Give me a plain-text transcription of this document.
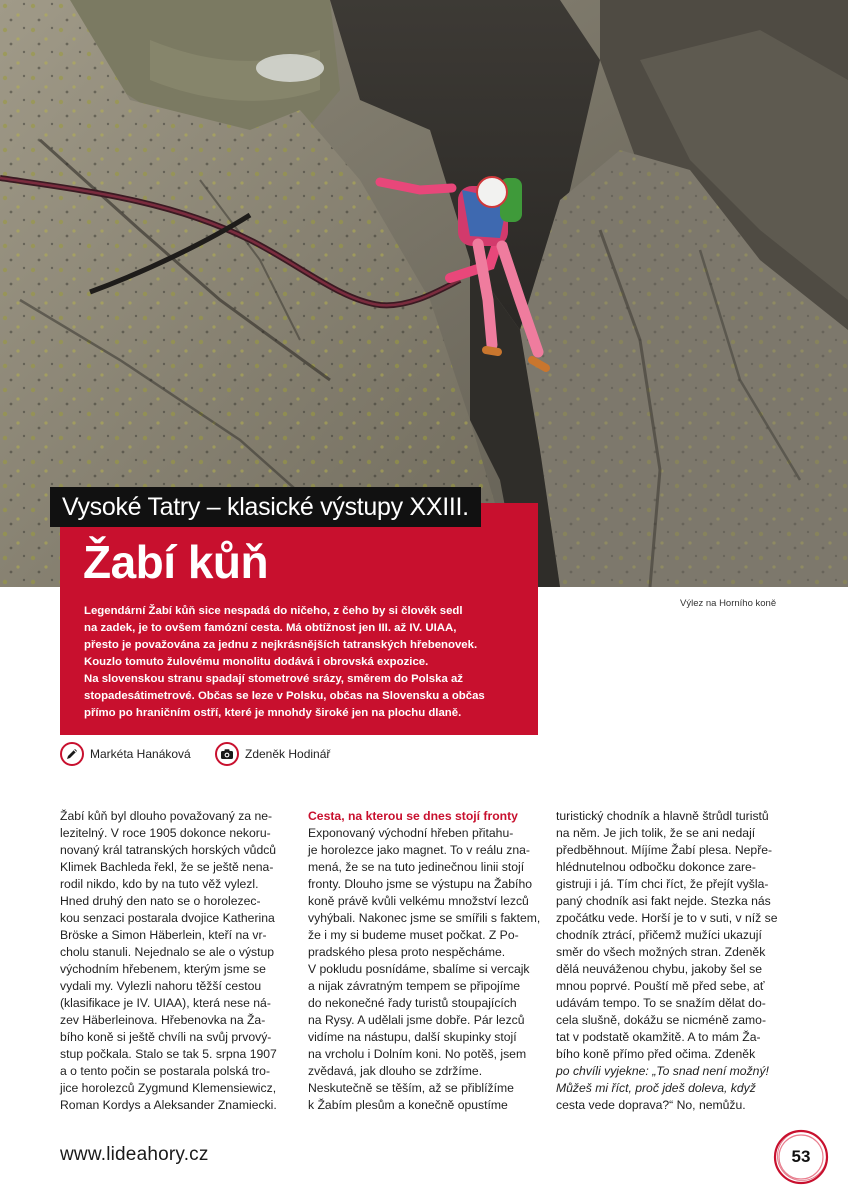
Vysoké Tatry – klasické výstupy XXIII.
Žabí kůň

Legendární Žabí kůň sice nespadá do ničeho, z čeho by si člověk sedl

na zadek, je to ovšem famózní cesta. Má obtížnost jen III. až IV. UIAA,

přesto je považována za jednu z nejkrásnějších tatranských hřebenovek.

Kouzlo tomuto žulovému monolitu dodává i obrovská expozice.

Na slovenskou stranu spadají stometrové srázy, směrem do Polska až

stopadesátimetrové. Občas se leze v Polsku, občas na Slovensku a občas

přímo po hraničním ostří, které je mnohdy široké jen na plochu dlaně.

Výlez na Horního koně
Markéta Hanáková	Zdeněk Hodinář

Žabí kůň byl dlouho považovaný za ne-

lezitelný. V roce 1905 dokonce nekoru-

novaný král tatranských horských vůdců

Klimek Bachleda řekl, že se ještě nena-

rodil nikdo, kdo by na tuto věž vylezl.

Hned druhý den nato se o horolezec-

kou senzaci postarala dvojice Katherina

Bröske a Simon Häberlein, kteří na vr-

cholu stanuli. Nejednalo se ale o výstup

východním hřebenem, kterým jsme se

vydali my. Vylezli nahoru těžší cestou

(klasifikace je IV. UIAA), která nese ná-

zev Häberleinova. Hřebenovka na Ža-

bího koně si ještě chvíli na svůj prvový-

stup počkala. Stalo se tak 5. srpna 1907

a o tento počin se postarala polská tro-

jice horolezců Zygmund Klemensiewicz,

Roman Kordys a Aleksander Znamiecki.

Cesta, na kterou se dnes stojí fronty

Exponovaný východní hřeben přitahu-

je horolezce jako magnet. To v reálu zna-

mená, že se na tuto jedinečnou linii stojí

fronty. Dlouho jsme se výstupu na Žabího

koně právě kvůli velkému množství lezců

vyhýbali. Nakonec jsme se smířili s faktem,

že i my si budeme muset počkat. Z Po-

pradského plesa proto nespěcháme.

V pokludu posnídáme, sbalíme si vercajk

a nijak závratným tempem se připojíme

do nekonečné řady turistů stoupajících

na Rysy. A udělali jsme dobře. Pár lezců

vidíme na nástupu, další skupinky stojí

na vrcholu i Dolním koni. No potěš, jsem

zvědavá, jak dlouho se zdržíme.

Neskutečně se těším, až se přiblížíme

k Žabím plesům a konečně opustíme

turistický chodník a hlavně štrůdl turistů

na něm. Je jich tolik, že se ani nedají

předběhnout. Míjíme Žabí plesa. Nepře-

hlédnutelnou odbočku dokonce zare-

gistruji i já. Tím chci říct, že přejít vyšla-

paný chodník asi fakt nejde. Stezka nás

zpočátku vede. Horší je to v suti, v níž se

chodník ztrácí, přičemž mužíci ukazují

směr do všech možných stran. Zdeněk

dělá neuváženou chybu, jakoby šel se

mnou poprvé. Pouští mě před sebe, ať

udávám tempo. To se snažím dělat do-

cela slušně, dokážu se nicméně zamo-

tat v podstatě okamžitě. A to mám Ža-

bího koně přímo před očima. Zdeněk

po chvíli vyjekne: „To snad není možný!

Můžeš mi říct, proč jdeš doleva, když

cesta vede doprava?“ No, nemůžu.

www.lideahory.cz	53
